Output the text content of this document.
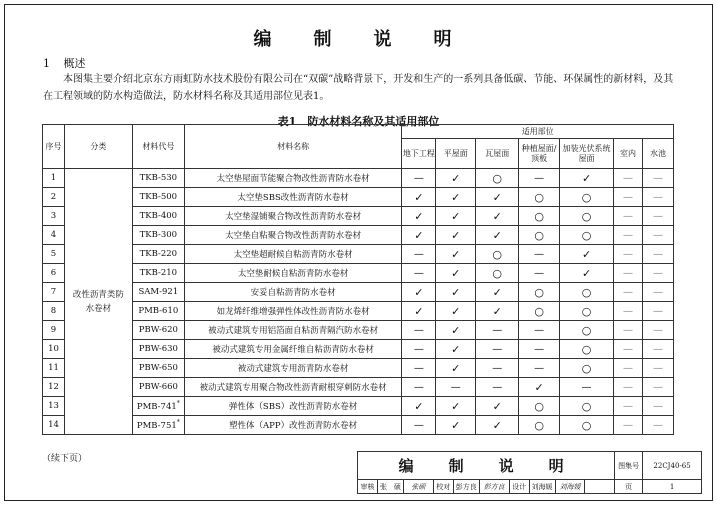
编　制　说　明
1 概述
本图集主要介绍北京东方雨虹防水技术股份有限公司在“双碳”战略背景下，开发和生产的一系列具备低碳、节能、环保属性的新材料，及其在工程领域的防水构造做法，防水材料名称及其适用部位见表1。
表1　防水材料名称及其适用部位
序号	分类	材料代号	材料名称	适用部位						
				地下工程	平屋面	瓦屋面	种植屋面/顶板	加装光伏系统屋面	室内	水池
1	改性沥青类防水卷材	TKB-530	太空垫屋面节能聚合物改性沥青防水卷材	—	✓	○	—	✓	—	—
2		TKB-500	太空垫SBS改性沥青防水卷材	✓	✓	✓	○	○	—	—
3		TKB-400	太空垫湿铺聚合物改性沥青防水卷材	✓	✓	✓	○	○	—	—
4		TKB-300	太空垫自粘聚合物改性沥青防水卷材	✓	✓	✓	○	○	—	—
5		TKB-220	太空垫超耐候自粘沥青防水卷材	—	✓	○	—	✓	—	—
6		TKB-210	太空垫耐候自粘沥青防水卷材	—	✓	○	—	✓	—	—
7		SAM-921	安妥自粘沥青防水卷材	✓	✓	✓	○	○	—	—
8		PMB-610	如龙烯纤维增强弹性体改性沥青防水卷材	✓	✓	✓	○	○	—	—
9		PBW-620	被动式建筑专用铝箔面自粘沥青隔汽防水卷材	—	✓	—	—	○	—	—
10		PBW-630	被动式建筑专用金属纤维自粘沥青防水卷材	—	✓	—	—	○	—	—
11		PBW-650	被动式建筑专用沥青防水卷材	—	✓	—	—	○	—	—
12		PBW-660	被动式建筑专用聚合物改性沥青耐根穿刺防水卷材	—	—	—	✓	—	—	—
13		PMB-741*	弹性体（SBS）改性沥青防水卷材	✓	✓	✓	○	○	—	—
14		PMB-751*	塑性体（APP）改性沥青防水卷材	—	✓	✓	○	○	—	—
（续下页）	编　制　说　明										图集号	22CJ40-65
审核	张　硕	张硕	校对	彭方良	彭方良	设计	刘海媛	刘海媛		页	1
